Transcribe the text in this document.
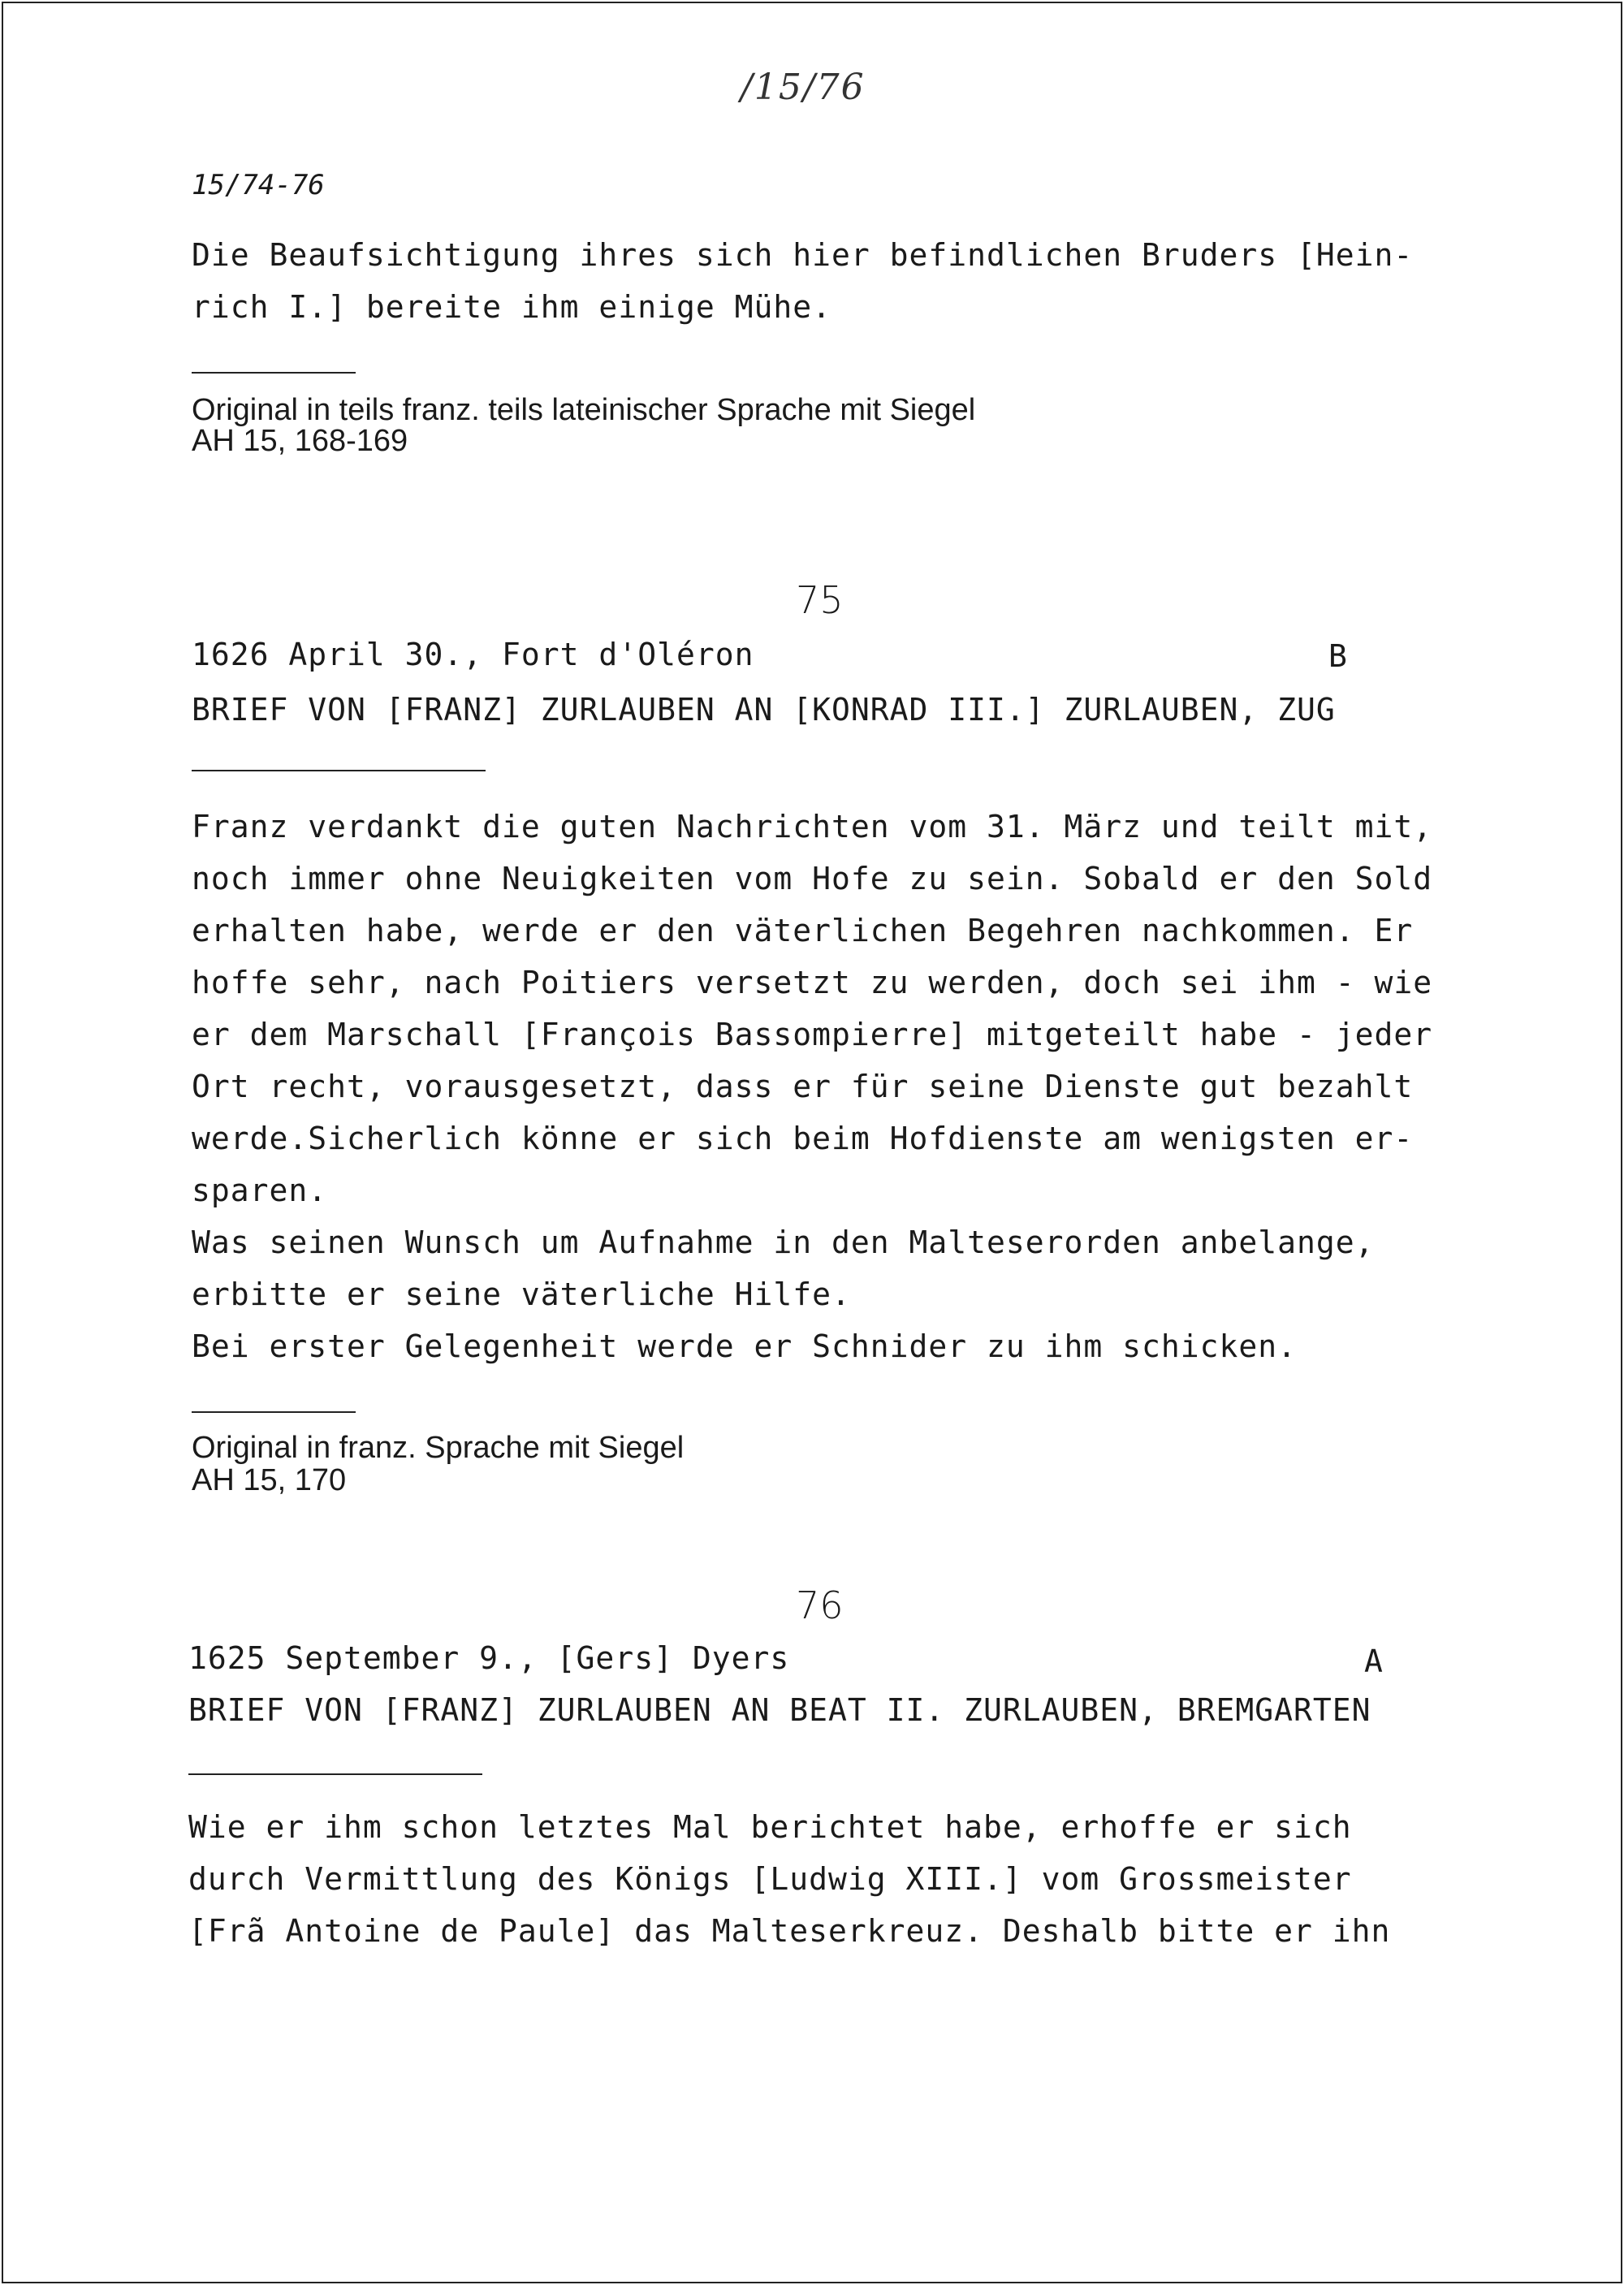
/15/76
15/74-76
Die Beaufsichtigung ihres sich hier befindlichen Bruders [Hein-
rich I.] bereite ihm einige Mühe.
Original in teils franz. teils lateinischer Sprache mit Siegel
AH 15, 168-169
75
1626 April 30., Fort d'Oléron	B
BRIEF VON [FRANZ] ZURLAUBEN AN [KONRAD III.] ZURLAUBEN, ZUG
Franz verdankt die guten Nachrichten vom 31. März und teilt mit,
noch immer ohne Neuigkeiten vom Hofe zu sein. Sobald er den Sold
erhalten habe, werde er den väterlichen Begehren nachkommen. Er
hoffe sehr, nach Poitiers versetzt zu werden, doch sei ihm - wie
er dem Marschall [François Bassompierre] mitgeteilt habe - jeder
Ort recht, vorausgesetzt, dass er für seine Dienste gut bezahlt
werde.Sicherlich könne er sich beim Hofdienste am wenigsten er-
sparen.
Was seinen Wunsch um Aufnahme in den Malteserorden anbelange,
erbitte er seine väterliche Hilfe.
Bei erster Gelegenheit werde er Schnider zu ihm schicken.
Original in franz. Sprache mit Siegel
AH 15, 170
76
1625 September 9., [Gers] Dyers	A
BRIEF VON [FRANZ] ZURLAUBEN AN BEAT II. ZURLAUBEN, BREMGARTEN
Wie er ihm schon letztes Mal berichtet habe, erhoffe er sich
durch Vermittlung des Königs [Ludwig XIII.] vom Grossmeister
[Frã Antoine de Paule] das Malteserkreuz. Deshalb bitte er ihn
